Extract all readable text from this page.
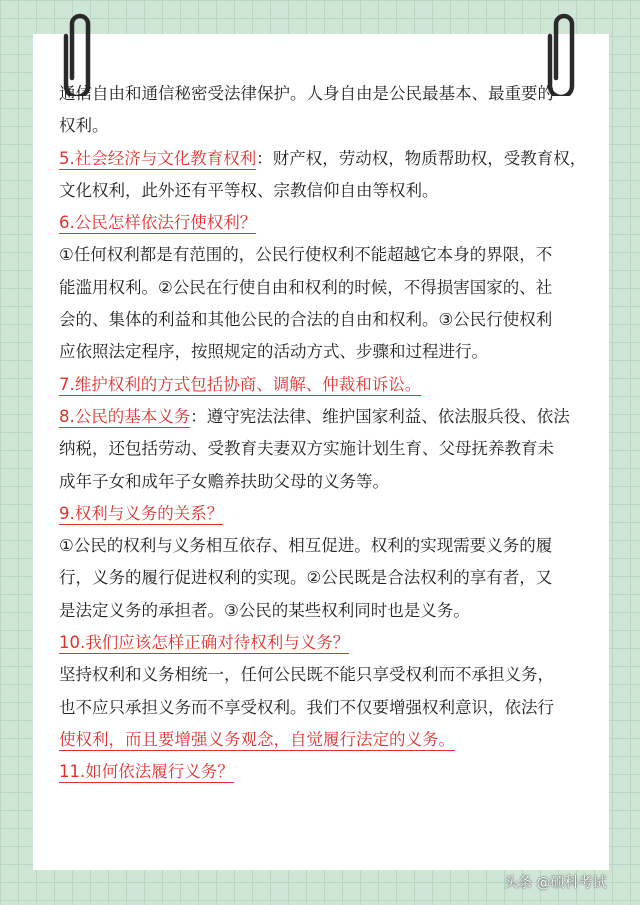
通信自由和通信秘密受法律保护。人身自由是公民最基本、最重要的
权利。
5.社会经济与文化教育权利：财产权，劳动权，物质帮助权，受教育权，
文化权利，此外还有平等权、宗教信仰自由等权利。
6.公民怎样依法行使权利？
①任何权利都是有范围的，公民行使权利不能超越它本身的界限，不
能滥用权利。②公民在行使自由和权利的时候，不得损害国家的、社
会的、集体的利益和其他公民的合法的自由和权利。③公民行使权利
应依照法定程序，按照规定的活动方式、步骤和过程进行。
7.维护权利的方式包括协商、调解、仲裁和诉讼。
8.公民的基本义务：遵守宪法法律、维护国家利益、依法服兵役、依法
纳税，还包括劳动、受教育夫妻双方实施计划生育、父母抚养教育未
成年子女和成年子女赡养扶助父母的义务等。
9.权利与义务的关系？
①公民的权利与义务相互依存、相互促进。权利的实现需要义务的履
行，义务的履行促进权利的实现。②公民既是合法权利的享有者，又
是法定义务的承担者。③公民的某些权利同时也是义务。
10.我们应该怎样正确对待权利与义务？
坚持权利和义务相统一，任何公民既不能只享受权利而不承担义务，
也不应只承担义务而不享受权利。我们不仅要增强权利意识，依法行
使权利，而且要增强义务观念，自觉履行法定的义务。
11.如何依法履行义务？
头条 @硕科考试
